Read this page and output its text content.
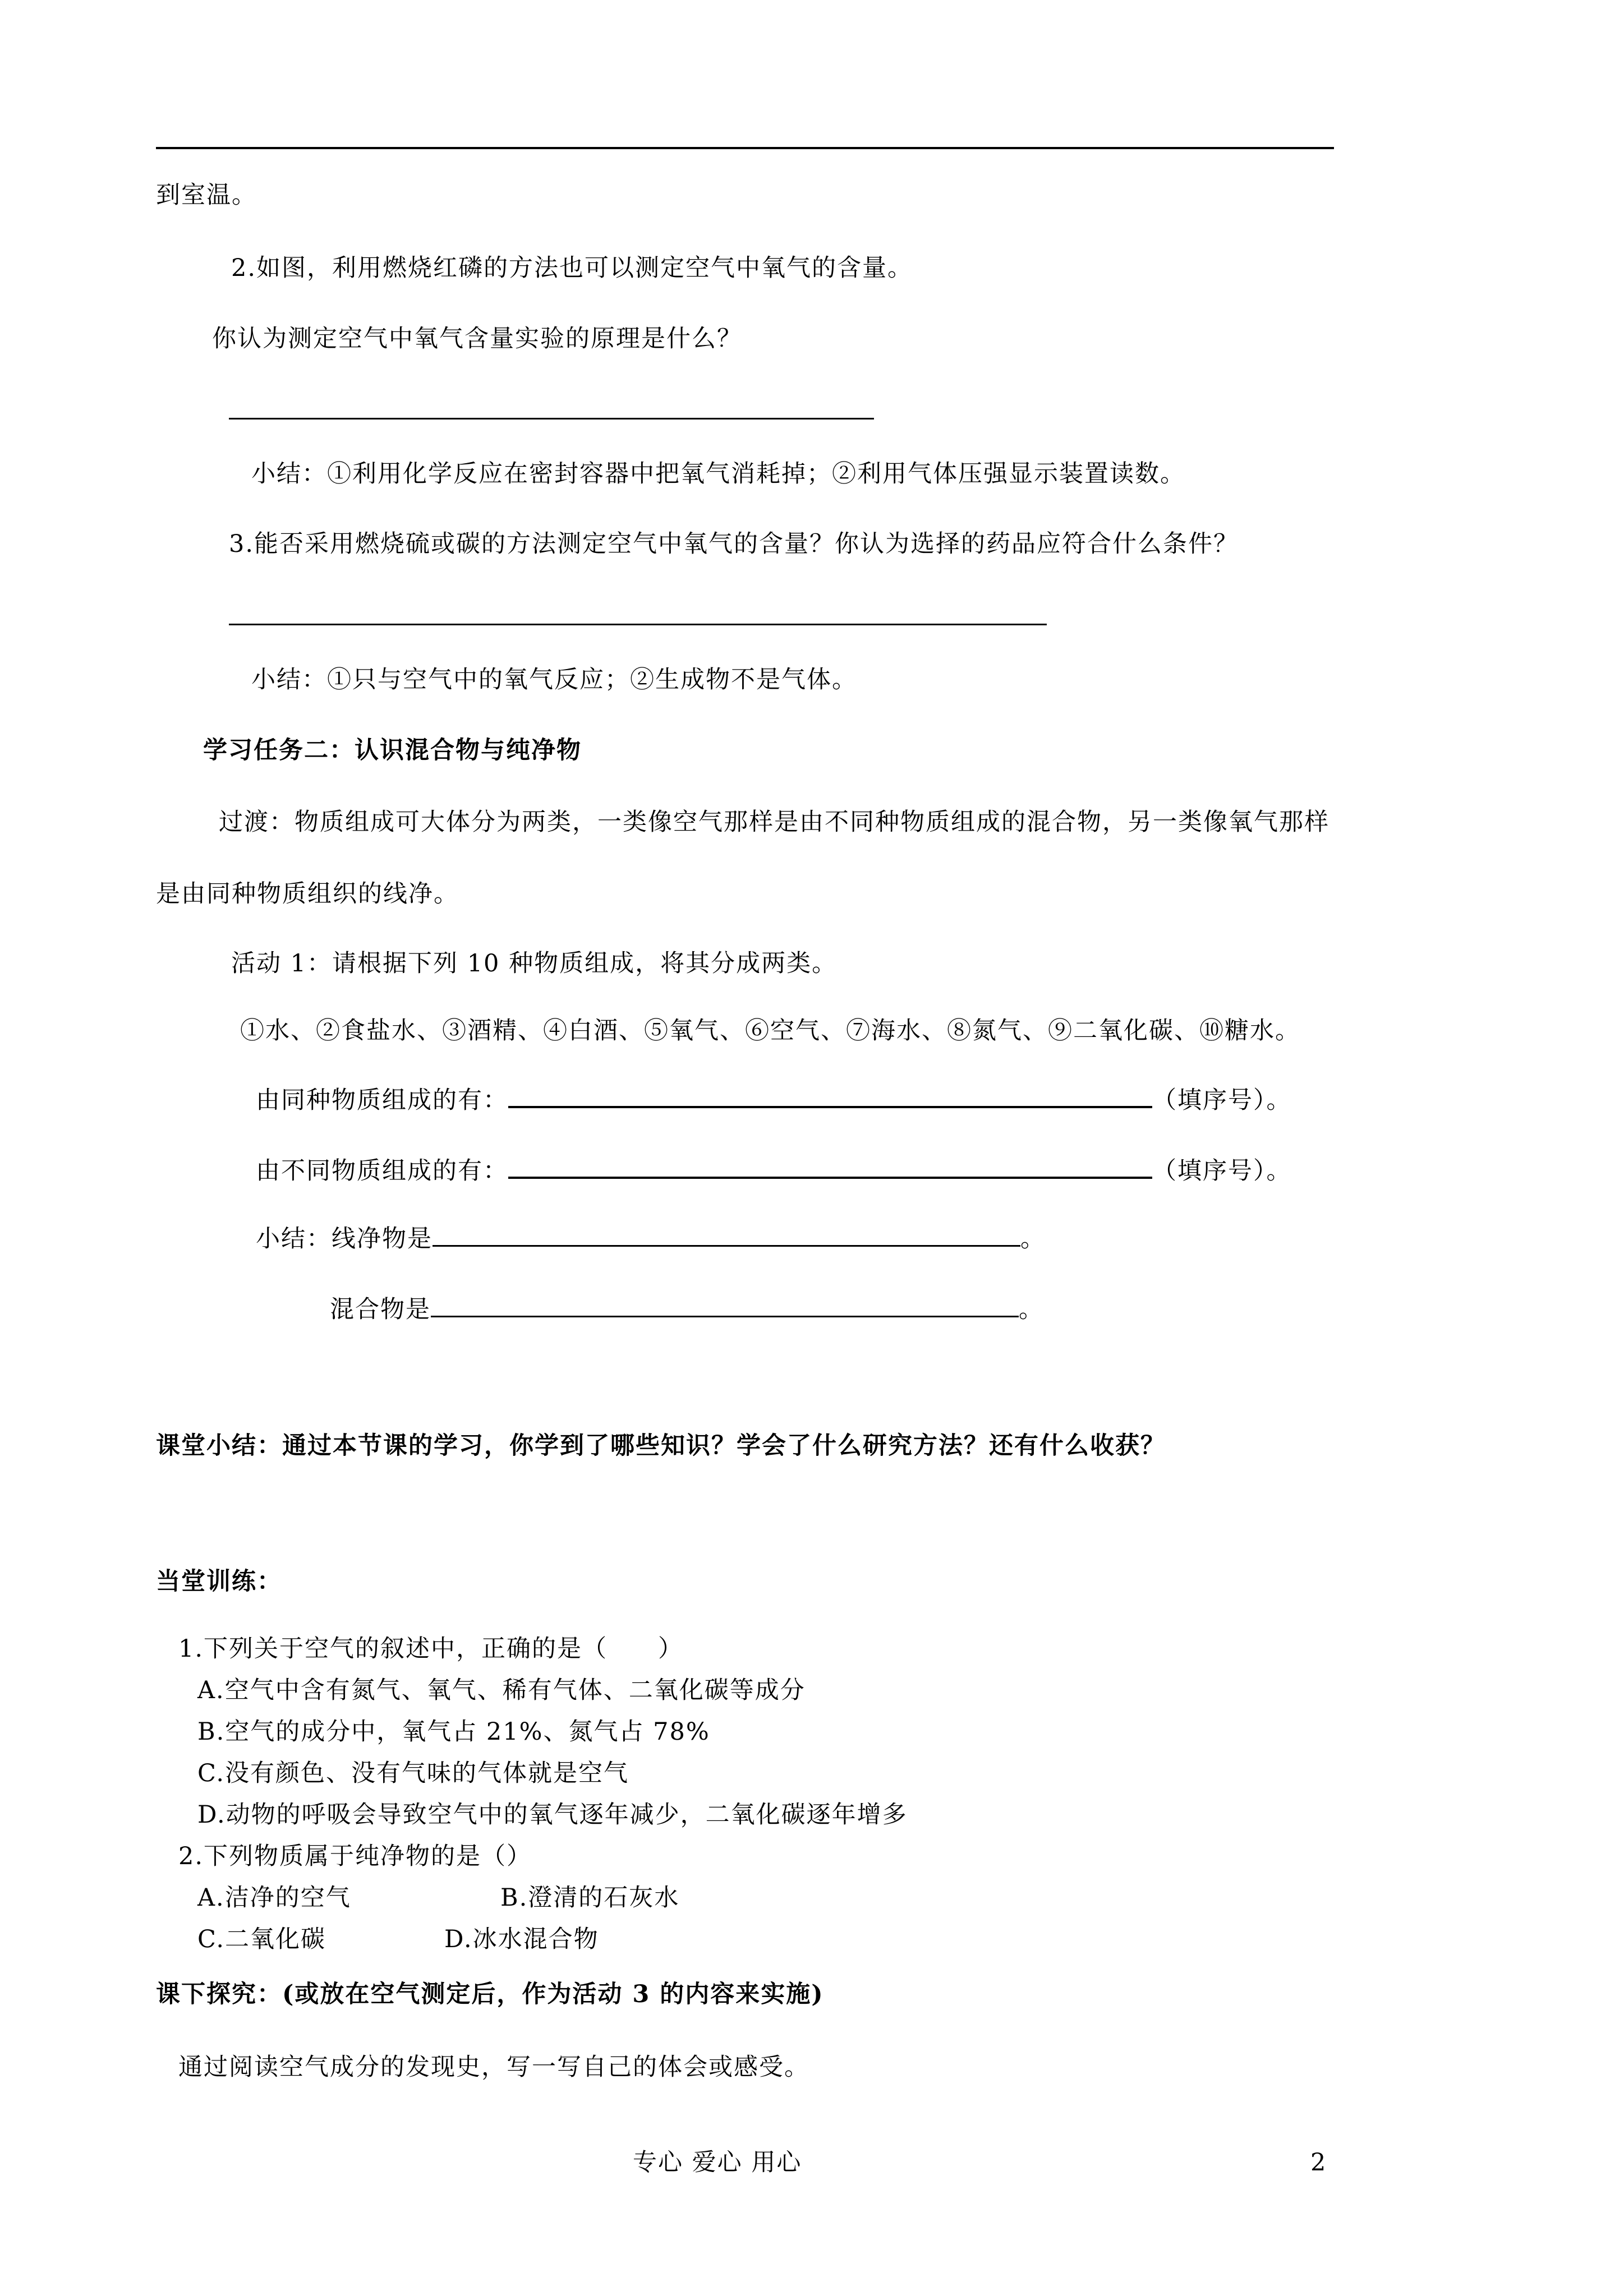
到室温。
2.如图，利用燃烧红磷的方法也可以测定空气中氧气的含量。
你认为测定空气中氧气含量实验的原理是什么？
小结：①利用化学反应在密封容器中把氧气消耗掉；②利用气体压强显示装置读数。
3.能否采用燃烧硫或碳的方法测定空气中氧气的含量？你认为选择的药品应符合什么条件？
小结：①只与空气中的氧气反应；②生成物不是气体。
学习任务二：认识混合物与纯净物
过渡：物质组成可大体分为两类，一类像空气那样是由不同种物质组成的混合物，另一类像氧气那样
是由同种物质组织的线净。
活动 1：请根据下列 10 种物质组成，将其分成两类。
①水、②食盐水、③酒精、④白酒、⑤氧气、⑥空气、⑦海水、⑧氮气、⑨二氧化碳、⑩糖水。
由同种物质组成的有：	（填序号）。
由不同物质组成的有：	（填序号）。
小结：线净物是	。
混合物是	。
课堂小结：通过本节课的学习，你学到了哪些知识？学会了什么研究方法？还有什么收获？
当堂训练：
1.下列关于空气的叙述中，正确的是（　　）
A.空气中含有氮气、氧气、稀有气体、二氧化碳等成分
B.空气的成分中，氧气占 21%、氮气占 78%
C.没有颜色、没有气味的气体就是空气
D.动物的呼吸会导致空气中的氧气逐年减少，二氧化碳逐年增多
2.下列物质属于纯净物的是（）
A.洁净的空气	B.澄清的石灰水
C.二氧化碳	D.冰水混合物
课下探究：(或放在空气测定后，作为活动 3 的内容来实施)
通过阅读空气成分的发现史，写一写自己的体会或感受。
专心 爱心 用心	2
